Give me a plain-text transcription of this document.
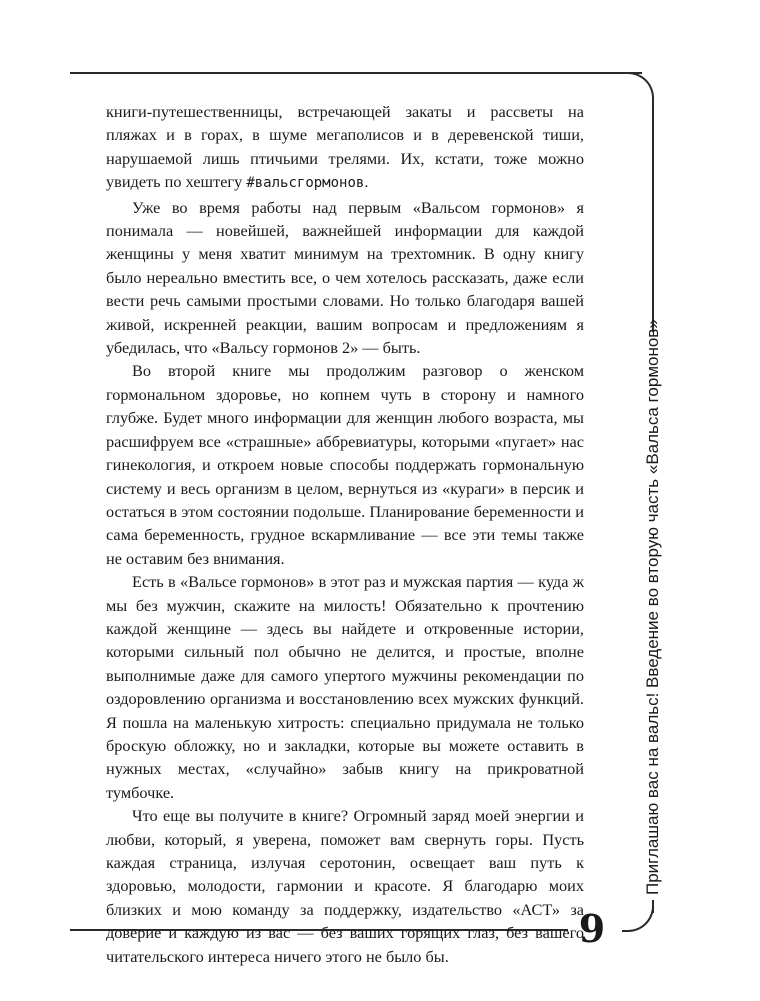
Приглашаю вас на вальс! Введение во вторую часть «Вальса гормонов»
9

книги-путешественницы, встречающей закаты и рассветы на пляжах и в горах, в шуме мегаполисов и в деревенской тиши, нарушаемой лишь птичьими трелями. Их, кстати, тоже можно увидеть по хештегу #вальсгормонов.

Уже во время работы над первым «Вальсом гормонов» я понимала — новейшей, важнейшей информации для каждой женщины у меня хватит минимум на трехтомник. В одну книгу было нереально вместить все, о чем хотелось рассказать, даже если вести речь самыми простыми словами. Но только благодаря вашей живой, искренней реакции, вашим вопросам и предложениям я убедилась, что «Вальсу гормонов 2» — быть.

Во второй книге мы продолжим разговор о женском гормональном здоровье, но копнем чуть в сторону и намного глубже. Будет много информации для женщин любого возраста, мы расшифруем все «страшные» аббревиатуры, которыми «пугает» нас гинекология, и откроем новые способы поддержать гормональную систему и весь организм в целом, вернуться из «кураги» в персик и остаться в этом состоянии подольше. Планирование беременности и сама беременность, грудное вскармливание — все эти темы также не оставим без внимания.

Есть в «Вальсе гормонов» в этот раз и мужская партия — куда ж мы без мужчин, скажите на милость! Обязательно к прочтению каждой женщине — здесь вы найдете и откровенные истории, которыми сильный пол обычно не делится, и простые, вполне выполнимые даже для самого упертого мужчины рекомендации по оздоровлению организма и восстановлению всех мужских функций. Я пошла на маленькую хитрость: специально придумала не только броскую обложку, но и закладки, которые вы можете оставить в нужных местах, «случайно» забыв книгу на прикроватной тумбочке.

Что еще вы получите в книге? Огромный заряд моей энергии и любви, который, я уверена, поможет вам свернуть горы. Пусть каждая страница, излучая серотонин, освещает ваш путь к здоровью, молодости, гармонии и красоте. Я благодарю моих близких и мою команду за поддержку, издательство «АСТ» за доверие и каждую из вас — без ваших горящих глаз, без вашего читательского интереса ничего этого не было бы.
